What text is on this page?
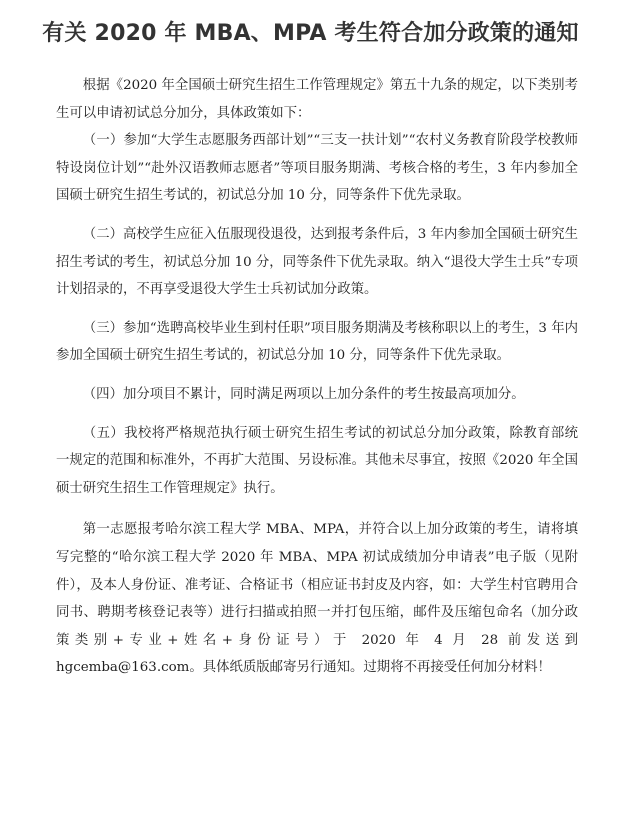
有关 2020 年 MBA、MPA 考生符合加分政策的通知

根据《2020 年全国硕士研究生招生工作管理规定》第五十九条的规定，以下类别考生可以申请初试总分加分，具体政策如下：

（一）参加“大学生志愿服务西部计划”“三支一扶计划”“农村义务教育阶段学校教师特设岗位计划”“赴外汉语教师志愿者”等项目服务期满、考核合格的考生，3 年内参加全国硕士研究生招生考试的，初试总分加 10 分，同等条件下优先录取。

（二）高校学生应征入伍服现役退役，达到报考条件后，3 年内参加全国硕士研究生招生考试的考生，初试总分加 10 分，同等条件下优先录取。纳入“退役大学生士兵”专项计划招录的，不再享受退役大学生士兵初试加分政策。

（三）参加“选聘高校毕业生到村任职”项目服务期满及考核称职以上的考生，3 年内参加全国硕士研究生招生考试的，初试总分加 10 分，同等条件下优先录取。

（四）加分项目不累计，同时满足两项以上加分条件的考生按最高项加分。

（五）我校将严格规范执行硕士研究生招生考试的初试总分加分政策，除教育部统一规定的范围和标准外，不再扩大范围、另设标准。其他未尽事宜，按照《2020 年全国硕士研究生招生工作管理规定》执行。

第一志愿报考哈尔滨工程大学 MBA、MPA，并符合以上加分政策的考生，请将填写完整的“哈尔滨工程大学 2020 年 MBA、MPA 初试成绩加分申请表”电子版（见附件），及本人身份证、准考证、合格证书（相应证书封皮及内容，如：大学生村官聘用合同书、聘期考核登记表等）进行扫描或拍照一并打包压缩，邮件及压缩包命名（加分政策类别+专业+姓名+身份证号）于 2020 年 4 月 28 前发送到 hgcemba@163.com。具体纸质版邮寄另行通知。过期将不再接受任何加分材料！
